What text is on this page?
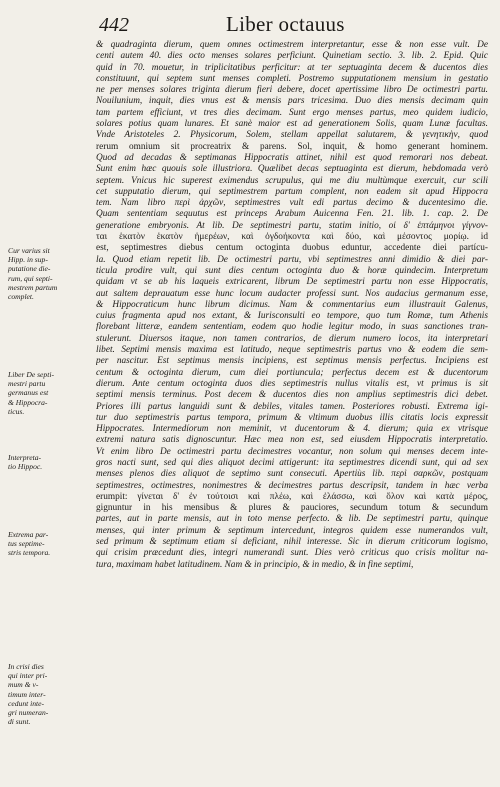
442	Liber octauus
& quadraginta dierum, quem omnes octimestrem interpretantur, esse & non esse vult. De
centi autem 40. dies octo menses solares perficiunt. Quinetiam sectio. 3. lib. 2. Epid. Quic
quid in 70. mouetur, in triplicitatibus perficitur: at ter septuaginta decem & ducentos dies
constituunt, qui septem sunt menses completi. Postremo supputationem mensium in gestatio
ne per menses solares triginta dierum fieri debere, docet apertissime libro De octimestri partu.
Nouilunium, inquit, dies vnus est & mensis pars tricesima. Duo dies mensis decimam quin
tam partem efficiunt, vt tres dies decimam. Sunt ergo menses partus, meo quidem iudicio,
solares potius quam lunares. Et sanè maior est ad generationem Solis, quam Lunæ facultas.
Vnde Aristoteles 2. Physicorum, Solem, stellam appellat salutarem, & γενητικὴν, quod
rerum omnium sit procreatrix & parens. Sol, inquit, & homo generant hominem.
Quod ad decadas & septimanas Hippocratis attinet, nihil est quod remorari nos debeat.
Sunt enim hæc quouis sole illustriora. Quælibet decas septuaginta est dierum, hebdomada verò
septem. Vnicus hic superest eximendus scrupulus, qui me diu multùmque exercuit, cur scili
cet supputatio dierum, qui septimestrem partum complent, non eadem sit apud Hippocra
tem. Nam libro περὶ ἀρχῶν, septimestres vult edi partus decimo & ducentesimo die.
Quam sententiam sequutus est princeps Arabum Auicenna Fen. 21. lib. 1. cap. 2. De
generatione embryonis. At lib. De septimestri partu, statim initio, οἱ δ' ἑπτάμηνοι γίγνον-
ται ἑκατὸν ἑκατὸν ἡμερέων, καὶ ὀγδοήκοντα καὶ δύο, καὶ μέσοντος μορίῳ. id
est, septimestres diebus centum octoginta duobus eduntur, accedente diei partícu-
la. Quod etiam repetit lib. De octimestri partu, vbi septimestres anni dimidio & diei par-
ticula prodire vult, qui sunt dies centum octoginta duo & horæ quindecim. Interpretum
quidam vt se ab his laqueis extricarent, librum De septimestri partu non esse Hippocratis,
aut saltem deprauatum esse hunc locum audacter professi sunt. Nos audacius germanum esse,
& Hippocraticum hunc librum dicimus. Nam & commentarius eum illustrauit Galenus,
cuius fragmenta apud nos extant, & Iurisconsulti eo tempore, quo tum Romæ, tum Athenis
florebant litteræ, eandem sententiam, eodem quo hodie legitur modo, in suas sanctiones tran-
stulerunt. Diuersos itaque, non tamen contrarios, de dierum numero locos, ita interpretari
libet. Septimi mensis maxima est latitudo, neque septimestris partus vno & eodem die sem-
per nascitur. Est septimus mensis incipiens, est septimus mensis perfectus. Incipiens est
centum & octoginta dierum, cum diei portiuncula; perfectus decem est & ducentorum
dierum. Ante centum octoginta duos dies septimestris nullus vitalis est, vt primus is sit
septimi mensis terminus. Post decem & ducentos dies non amplius septimestris dici debet.
Priores illi partus languidi sunt & debiles, vitales tamen. Posteriores robusti. Extrema igi-
tur duo septimestris partus tempora, primum & vltimum duobus illis citatis locis expressit
Hippocrates. Intermedíorum non meminit, vt ducentorum & 4. dierum; quia ex vtrisque
extremi natura satis dignoscuntur. Hæc mea non est, sed eiusdem Hippocratis interpretatio.
Vt enim libro De octimestri partu decimestres vocantur, non solum qui menses decem inte-
gros nacti sunt, sed qui dies aliquot decimi attigerunt: ita septimestres dicendi sunt, qui ad sex
menses plenos dies aliquot de septimo sunt consecuti. Apertiùs lib. περὶ σαρκῶν, postquam
septimestres, octimestres, nonimestres & decimestres partus descripsit, tandem in hæc verba
erumpit: γίνεται δ' ἐν τούτοισι καὶ πλέω, καὶ ἐλάσσω, καὶ ὅλον καὶ κατὰ μέρος,
gignuntur in his mensibus & plures & pauciores, secundum totum & secundum
partes, aut in parte mensis, aut in toto mense perfecto. & lib. De septimestri partu, quinque
menses, qui inter primum & septimum intercedunt, integros quidem esse numerandos vult,
sed primum & septimum etiam si deficiant, nihil interesse. Sic in dierum criticorum logismo,
qui crisim præcedunt dies, integri numerandi sunt. Dies verò criticus quo crisis molitur na-
tura, maximam habet latitudinem. Nam & in principio, & in medio, & in fine septimi,
Cur varius sit
Hipp. in sup-
putatione die-
rum, qui septi-
mestrem partum
complet.
Liber De septi-
mestri partu
germanus est
& Hippocra-
ticus.
Interpreta-
tio Hippoc.
Extrema par-
tus septime-
stris tempora.
In crisi dies
qui inter pri-
mum & v-
timum inter-
cedunt inte-
gri numeran-
di sunt.
